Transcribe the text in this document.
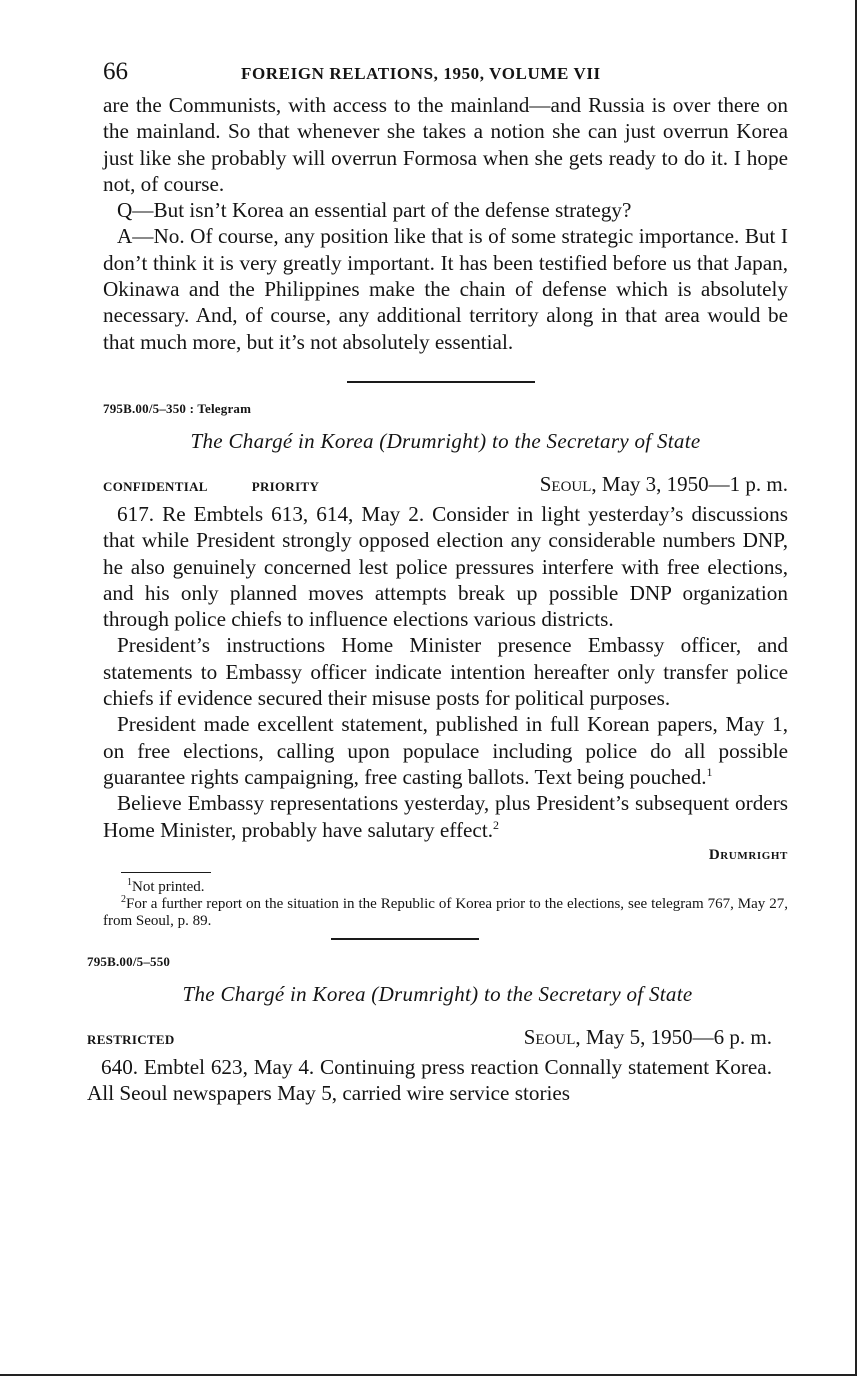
66	FOREIGN RELATIONS, 1950, VOLUME VII

are the Communists, with access to the mainland—and Russia is over there on the mainland. So that whenever she takes a notion she can just overrun Korea just like she probably will overrun Formosa when she gets ready to do it. I hope not, of course.

Q—But isn’t Korea an essential part of the defense strategy?

A—No. Of course, any position like that is of some strategic importance. But I don’t think it is very greatly important. It has been testified before us that Japan, Okinawa and the Philippines make the chain of defense which is absolutely necessary. And, of course, any additional territory along in that area would be that much more, but it’s not absolutely essential.

795B.00/5–350 : Telegram
The Chargé in Korea (Drumright) to the Secretary of State
CONFIDENTIAL	PRIORITY	Seoul, May 3, 1950—1 p. m.

617. Re Embtels 613, 614, May 2. Consider in light yesterday’s discussions that while President strongly opposed election any considerable numbers DNP, he also genuinely concerned lest police pressures interfere with free elections, and his only planned moves attempts break up possible DNP organization through police chiefs to influence elections various districts.

President’s instructions Home Minister presence Embassy officer, and statements to Embassy officer indicate intention hereafter only transfer police chiefs if evidence secured their misuse posts for political purposes.

President made excellent statement, published in full Korean papers, May 1, on free elections, calling upon populace including police do all possible guarantee rights campaigning, free casting ballots. Text being pouched.$^1$

Believe Embassy representations yesterday, plus President’s subsequent orders Home Minister, probably have salutary effect.$^2$

Drumright

$^1$Not printed.

$^2$For a further report on the situation in the Republic of Korea prior to the elections, see telegram 767, May 27, from Seoul, p. 89.

795B.00/5–550
The Chargé in Korea (Drumright) to the Secretary of State
RESTRICTED	Seoul, May 5, 1950—6 p. m.

640. Embtel 623, May 4. Continuing press reaction Connally statement Korea. All Seoul newspapers May 5, carried wire service stories
